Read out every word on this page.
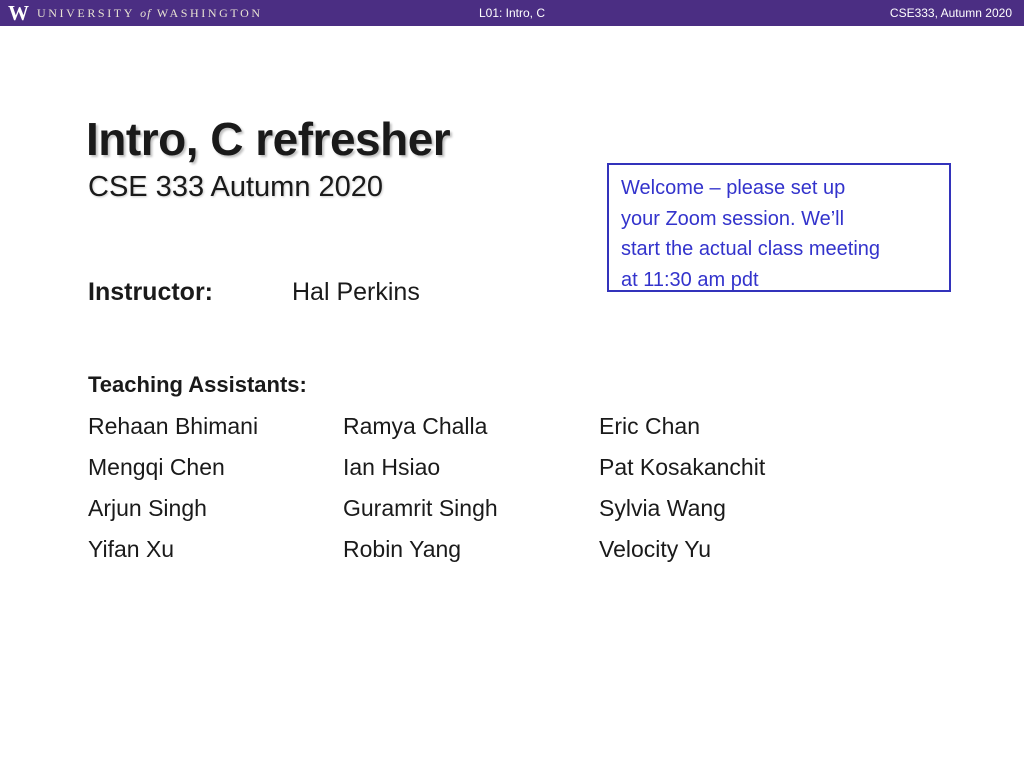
W UNIVERSITY of WASHINGTON	L01: Intro, C	CSE333, Autumn 2020
Intro, C refresher
CSE 333 Autumn 2020	Welcome – please set up
your Zoom session. We’ll
start the actual class meeting
at 11:30 am pdt
Instructor:	Hal Perkins
Teaching Assistants:
Rehaan Bhimani	Ramya Challa	Eric Chan
Mengqi Chen	Ian Hsiao	Pat Kosakanchit
Arjun Singh	Guramrit Singh	Sylvia Wang
Yifan Xu	Robin Yang	Velocity Yu
